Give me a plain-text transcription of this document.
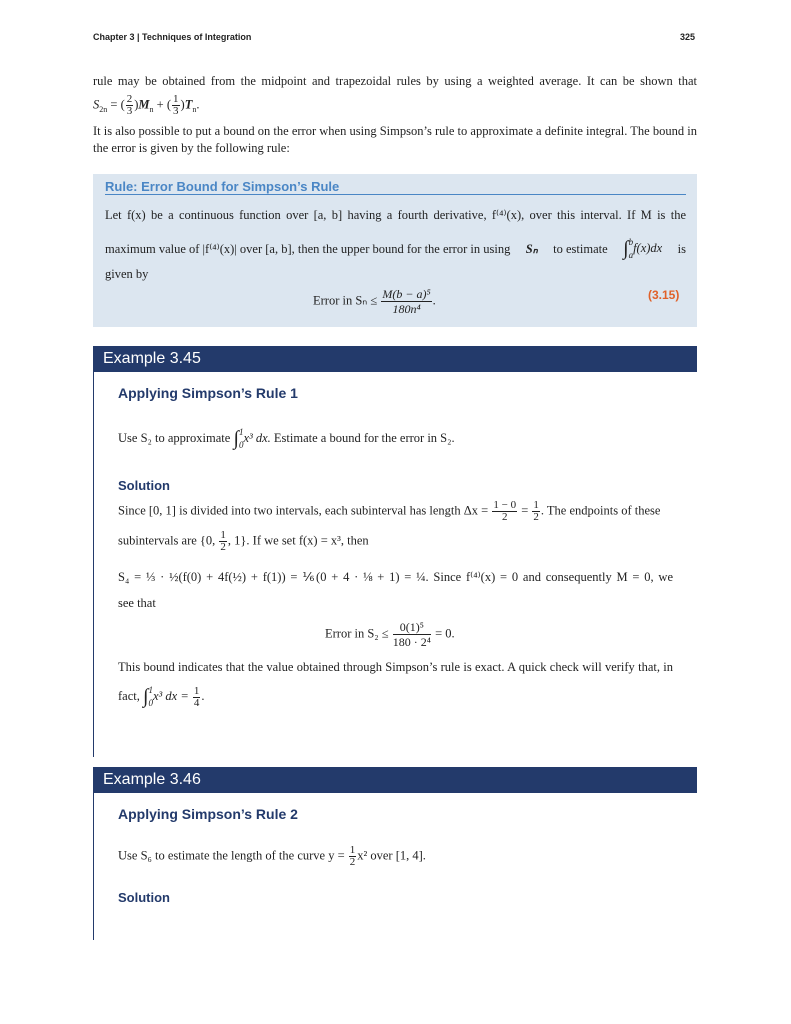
Chapter 3 | Techniques of Integration	325
rule may be obtained from the midpoint and trapezoidal rules by using a weighted average. It can be shown that
$S_{2n}$ = ( $\frac{2}{3} )M_n$ + ( $\frac{1}{3} )T_n$.
It is also possible to put a bound on the error when using Simpson’s rule to approximate a definite integral. The bound in
the error is given by the following rule:
Rule: Error Bound for Simpson’s Rule
Let f(x) be a continuous function over [a, b] having a fourth derivative, f⁽⁴⁾(x), over this interval. If M is the
maximum value of |f⁽⁴⁾(x)| over [a, b], then the upper bound for the error in using Sₙ to estimate ∫ b
a
f(x)dx is
given by
Error in $S_n \le \frac{\text{M(b − a)⁵}}{\text{180n⁴}}$ .	(3.15)
Example 3.45
Applying Simpson’s Rule 1
Use S₂ to approximate ∫ 1
0
x³ dx. Estimate a bound for the error in S₂.
Solution
Since [0, 1] is divided into two intervals, each subinterval has length $\Delta x = \frac{1 - 0}{2} = \frac{1}{2}$ . The endpoints of these
subintervals are {0, $\frac{1}{2}$ , 1}. If we set f(x) = x³, then
S₄ = ⅓ · ½(f(0) + 4f(½) + f(1)) = ⅙(0 + 4 · ⅛ + 1) = ¼. Since f⁽⁴⁾(x) = 0 and consequently M = 0, we
see that
Error in $S_2 \le \frac{\text{0(1)⁵}}{\text{180 · 2⁴}} = 0$.
This bound indicates that the value obtained through Simpson’s rule is exact. A quick check will verify that, in
fact, ∫ 1
0
x³ dx = $\frac{1}{4}$ .
Example 3.46
Applying Simpson’s Rule 2
Use S₆ to estimate the length of the curve $y = \frac{1}{2} x^2$ over [1, 4].
Solution
